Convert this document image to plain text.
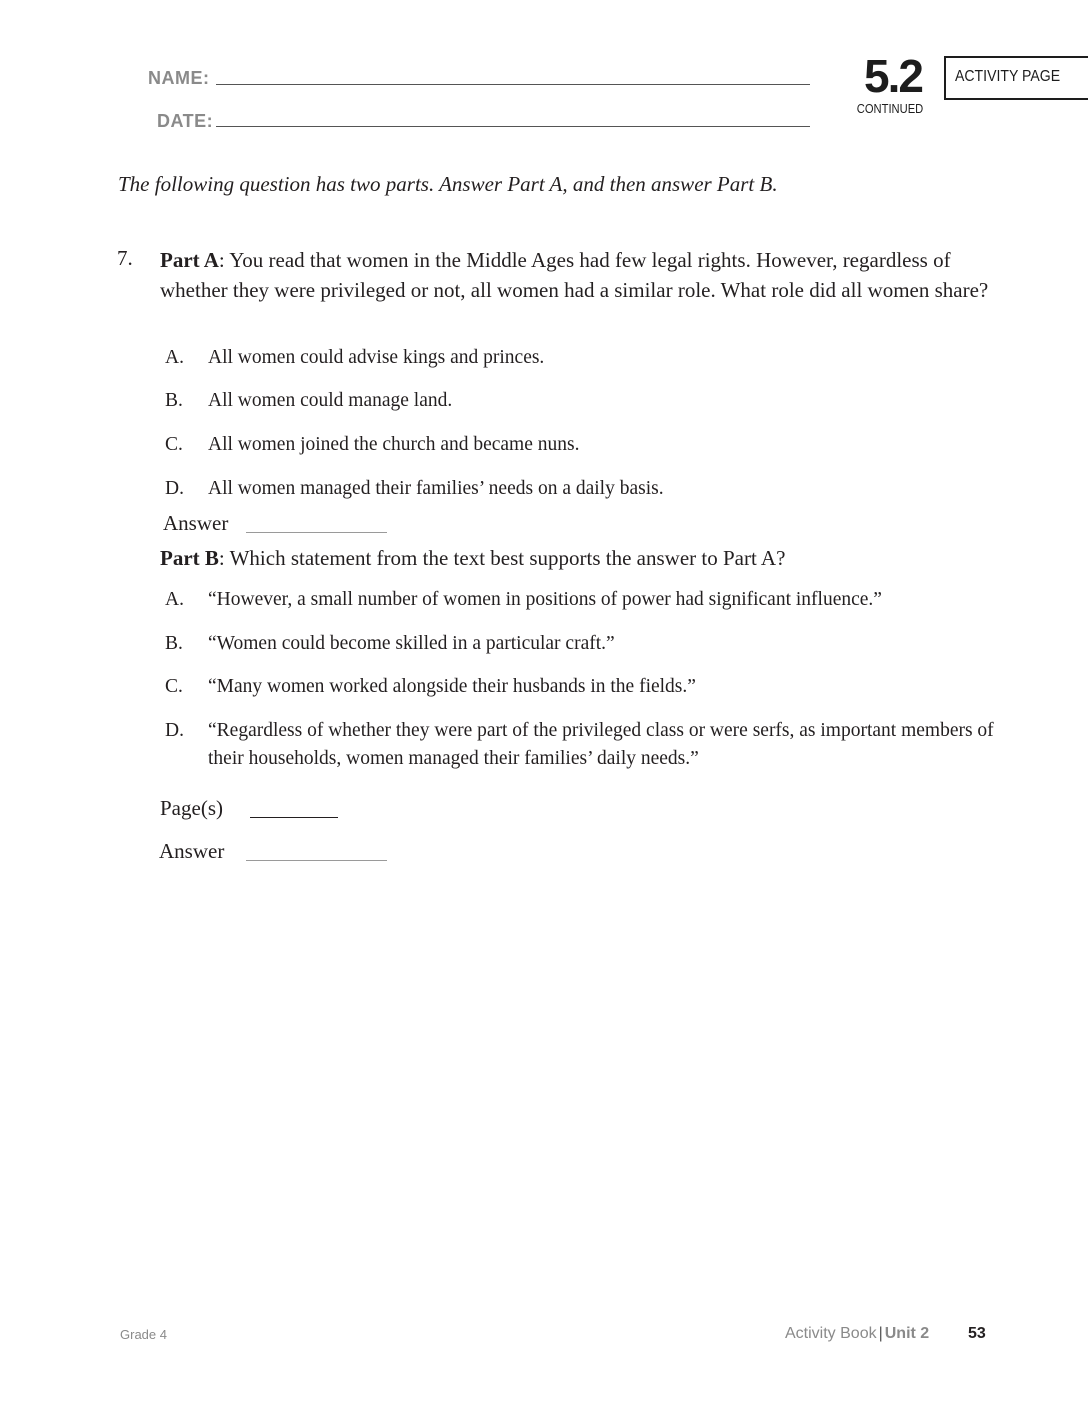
NAME:
DATE:
5.2
CONTINUED
ACTIVITY PAGE
The following question has two parts. Answer Part A, and then answer Part B.
7. Part A: You read that women in the Middle Ages had few legal rights. However, regardless of whether they were privileged or not, all women had a similar role. What role did all women share?
A. All women could advise kings and princes.
B. All women could manage land.
C. All women joined the church and became nuns.
D. All women managed their families’ needs on a daily basis.
Answer
Part B: Which statement from the text best supports the answer to Part A?
A. “However, a small number of women in positions of power had significant influence.”
B. “Women could become skilled in a particular craft.”
C. “Many women worked alongside their husbands in the fields.”
D. “Regardless of whether they were part of the privileged class or were serfs, as important members of their households, women managed their families’ daily needs.”
Page(s)
Answer
Grade 4	Activity Book | Unit 2 53
